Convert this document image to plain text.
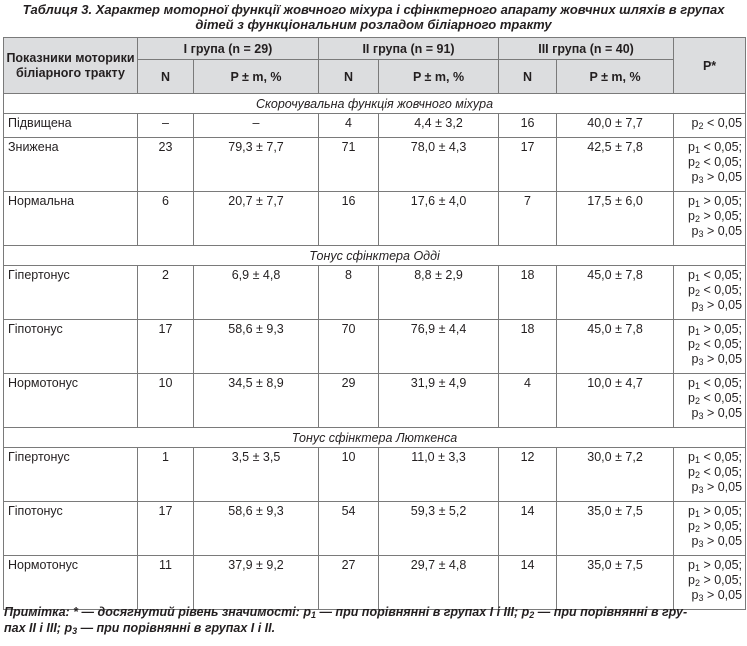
Таблиця 3. Характер моторної функції жовчного міхура і сфінктерного апарату жовчних шляхів в групах
дітей з функціональним розладом біліарного тракту
Показники моторики біліарного тракту	І група (n = 29)		ІІ група (n = 91)		ІІІ група (n = 40)		P*
	N	P ± m, %	N	P ± m, %	N	P ± m, %	
Скорочувальна функція жовчного міхура							
Підвищена	–	–	4	4,4 ± 3,2	16	40,0 ± 7,7	$p_2 < 0,05$

Знижена	23	79,3 ± 7,7	71	78,0 ± 4,3	17	42,5 ± 7,8	$p_1 < 0,05$;
$p_2 < 0,05$;
$p_3 > 0,05$

Нормальна	6	20,7 ± 7,7	16	17,6 ± 4,0	7	17,5 ± 6,0	$p_1 > 0,05$;
$p_2 > 0,05$;
$p_3 > 0,05$

Тонус сфінктера Одді							
Гіпертонус	2	6,9 ± 4,8	8	8,8 ± 2,9	18	45,0 ± 7,8	$p_1 < 0,05$;
$p_2 < 0,05$;
$p_3 > 0,05$

Гіпотонус	17	58,6 ± 9,3	70	76,9 ± 4,4	18	45,0 ± 7,8	$p_1 > 0,05$;
$p_2 < 0,05$;
$p_3 > 0,05$

Нормотонус	10	34,5 ± 8,9	29	31,9 ± 4,9	4	10,0 ± 4,7	$p_1 < 0,05$;
$p_2 < 0,05$;
$p_3 > 0,05$

Тонус сфінктера Люткенса							
Гіпертонус	1	3,5 ± 3,5	10	11,0 ± 3,3	12	30,0 ± 7,2	$p_1 < 0,05$;
$p_2 < 0,05$;
$p_3 > 0,05$

Гіпотонус	17	58,6 ± 9,3	54	59,3 ± 5,2	14	35,0 ± 7,5	$p_1 > 0,05$;
$p_2 > 0,05$;
$p_3 > 0,05$

Нормотонус	11	37,9 ± 9,2	27	29,7 ± 4,8	14	35,0 ± 7,5	$p_1 > 0,05$;
$p_2 > 0,05$;
$p_3 > 0,05$
Примітка: * — досягнутий рівень значимості: $p_1$ — при порівнянні в групах І і ІІІ; $p_2$ — при порівнянні в гру-
пах ІІ і ІІІ; $p_3$ — при порівнянні в групах І і ІІ.
